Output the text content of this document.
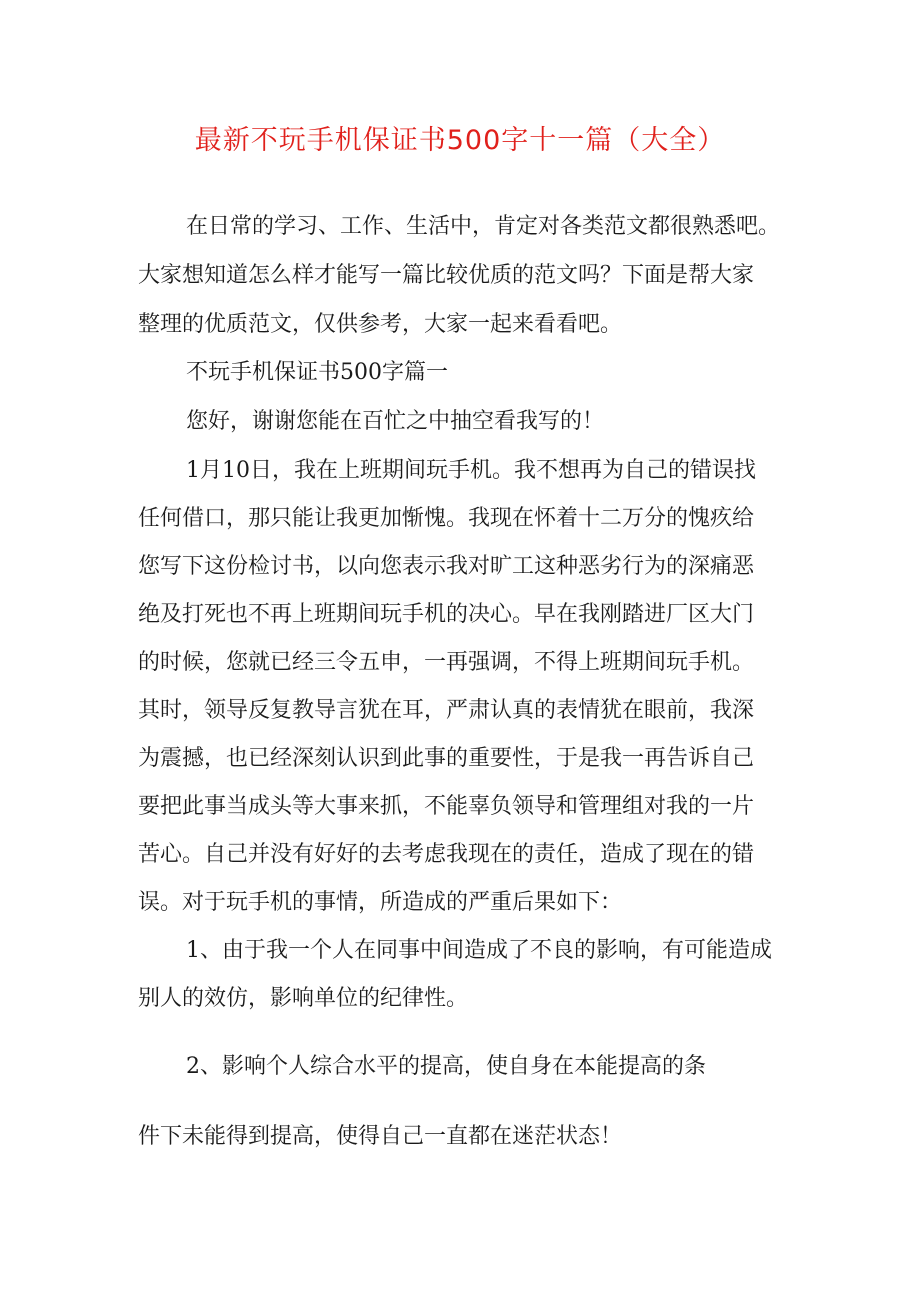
最新不玩手机保证书500字十一篇（大全）

在日常的学习、工作、生活中，肯定对各类范文都很熟悉吧。

大家想知道怎么样才能写一篇比较优质的范文吗？下面是帮大家

整理的优质范文，仅供参考，大家一起来看看吧。

不玩手机保证书500字篇一

您好，谢谢您能在百忙之中抽空看我写的！

1月10日，我在上班期间玩手机。我不想再为自己的错误找

任何借口，那只能让我更加惭愧。我现在怀着十二万分的愧疚给

您写下这份检讨书，以向您表示我对旷工这种恶劣行为的深痛恶

绝及打死也不再上班期间玩手机的决心。早在我刚踏进厂区大门

的时候，您就已经三令五申，一再强调，不得上班期间玩手机。

其时，领导反复教导言犹在耳，严肃认真的表情犹在眼前，我深

为震撼，也已经深刻认识到此事的重要性，于是我一再告诉自己

要把此事当成头等大事来抓，不能辜负领导和管理组对我的一片

苦心。自己并没有好好的去考虑我现在的责任，造成了现在的错

误。对于玩手机的事情，所造成的严重后果如下：

1、由于我一个人在同事中间造成了不良的影响，有可能造成

别人的效仿，影响单位的纪律性。

2、影响个人综合水平的提高，使自身在本能提高的条

件下未能得到提高，使得自己一直都在迷茫状态！
